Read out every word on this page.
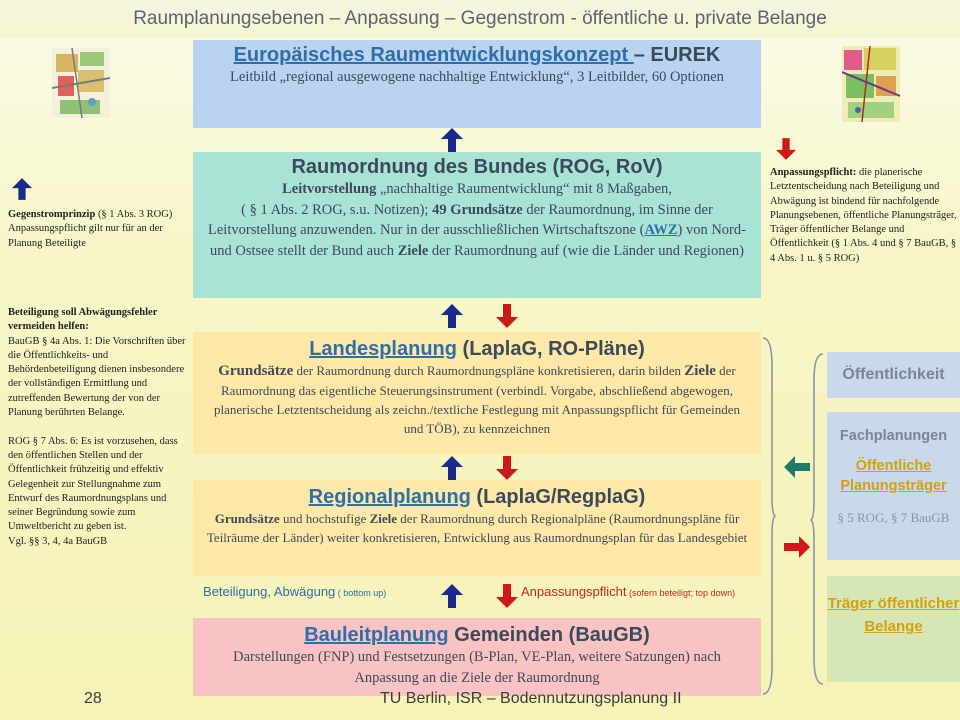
Raumplanungsebenen – Anpassung – Gegenstrom - öffentliche u. private Belange
Europäisches Raumentwicklungskonzept – EUREK
Leitbild „regional ausgewogene nachhaltige Entwicklung“, 3 Leitbilder, 60 Optionen
Raumordnung des Bundes (ROG, RoV)
Leitvorstellung „nachhaltige Raumentwicklung“ mit 8 Maßgaben,
( § 1 Abs. 2 ROG, s.u. Notizen); 49 Grundsätze der Raumordnung, im Sinne der Leitvorstellung anzuwenden. Nur in der ausschließlichen Wirtschaftszone (AWZ) von Nord- und Ostsee stellt der Bund auch Ziele der Raumordnung auf (wie die Länder und Regionen)
Landesplanung (LaplaG, RO-Pläne)
Grundsätze der Raumordnung durch Raumordnungspläne konkretisieren, darin bilden Ziele der Raumordnung das eigentliche Steuerungsinstrument (verbindl. Vorgabe, abschließend abgewogen, planerische Letztentscheidung als zeichn./textliche Festlegung mit Anpassungspflicht für Gemeinden und TÖB), zu kennzeichnen
Regionalplanung (LaplaG/RegplaG)
Grundsätze und hochstufige Ziele der Raumordnung durch Regionalpläne (Raumordnungspläne für Teilräume der Länder) weiter konkretisieren, Entwicklung aus Raumordnungsplan für das Landesgebiet
Beteiligung, Abwägung ( bottom up)	Anpassungspflicht (sofern beteiligt; top down)
Bauleitplanung Gemeinden (BauGB)
Darstellungen (FNP) und Festsetzungen (B-Plan, VE-Plan, weitere Satzungen) nach Anpassung an die Ziele der Raumordnung
Gegenstromprinzip (§ 1 Abs. 3 ROG) Anpassungspflicht gilt nur für an der Planung Beteiligte
Beteiligung soll Abwägungsfehler vermeiden helfen:
BauGB § 4a Abs. 1: Die Vorschriften über die Öffentlichkeits- und Behördenbeteiligung dienen insbesondere der vollständigen Ermittlung und zutreffenden Bewertung der von der Planung berührten Belange.

ROG § 7 Abs. 6: Es ist vorzusehen, dass den öffentlichen Stellen und der Öffentlichkeit frühzeitig und effektiv Gelegenheit zur Stellungnahme zum Entwurf des Raumordnungsplans und seiner Begründung sowie zum Umweltbericht zu geben ist.
Vgl. §§ 3, 4, 4a BauGB
Anpassungspflicht: die planerische Letztentscheidung nach Beteiligung und Abwägung ist bindend für nachfolgende Planungsebenen, öffentliche Planungsträger, Träger öffentlicher Belange und Öffentlichkeit (§ 1 Abs. 4 und § 7 BauGB, § 4 Abs. 1 u. § 5 ROG)
Öffentlichkeit
Fachplanungen
Öffentliche Planungsträger
§ 5 ROG, § 7 BauGB
Träger öffentlicher Belange
28	TU Berlin, ISR – Bodennutzungsplanung II
